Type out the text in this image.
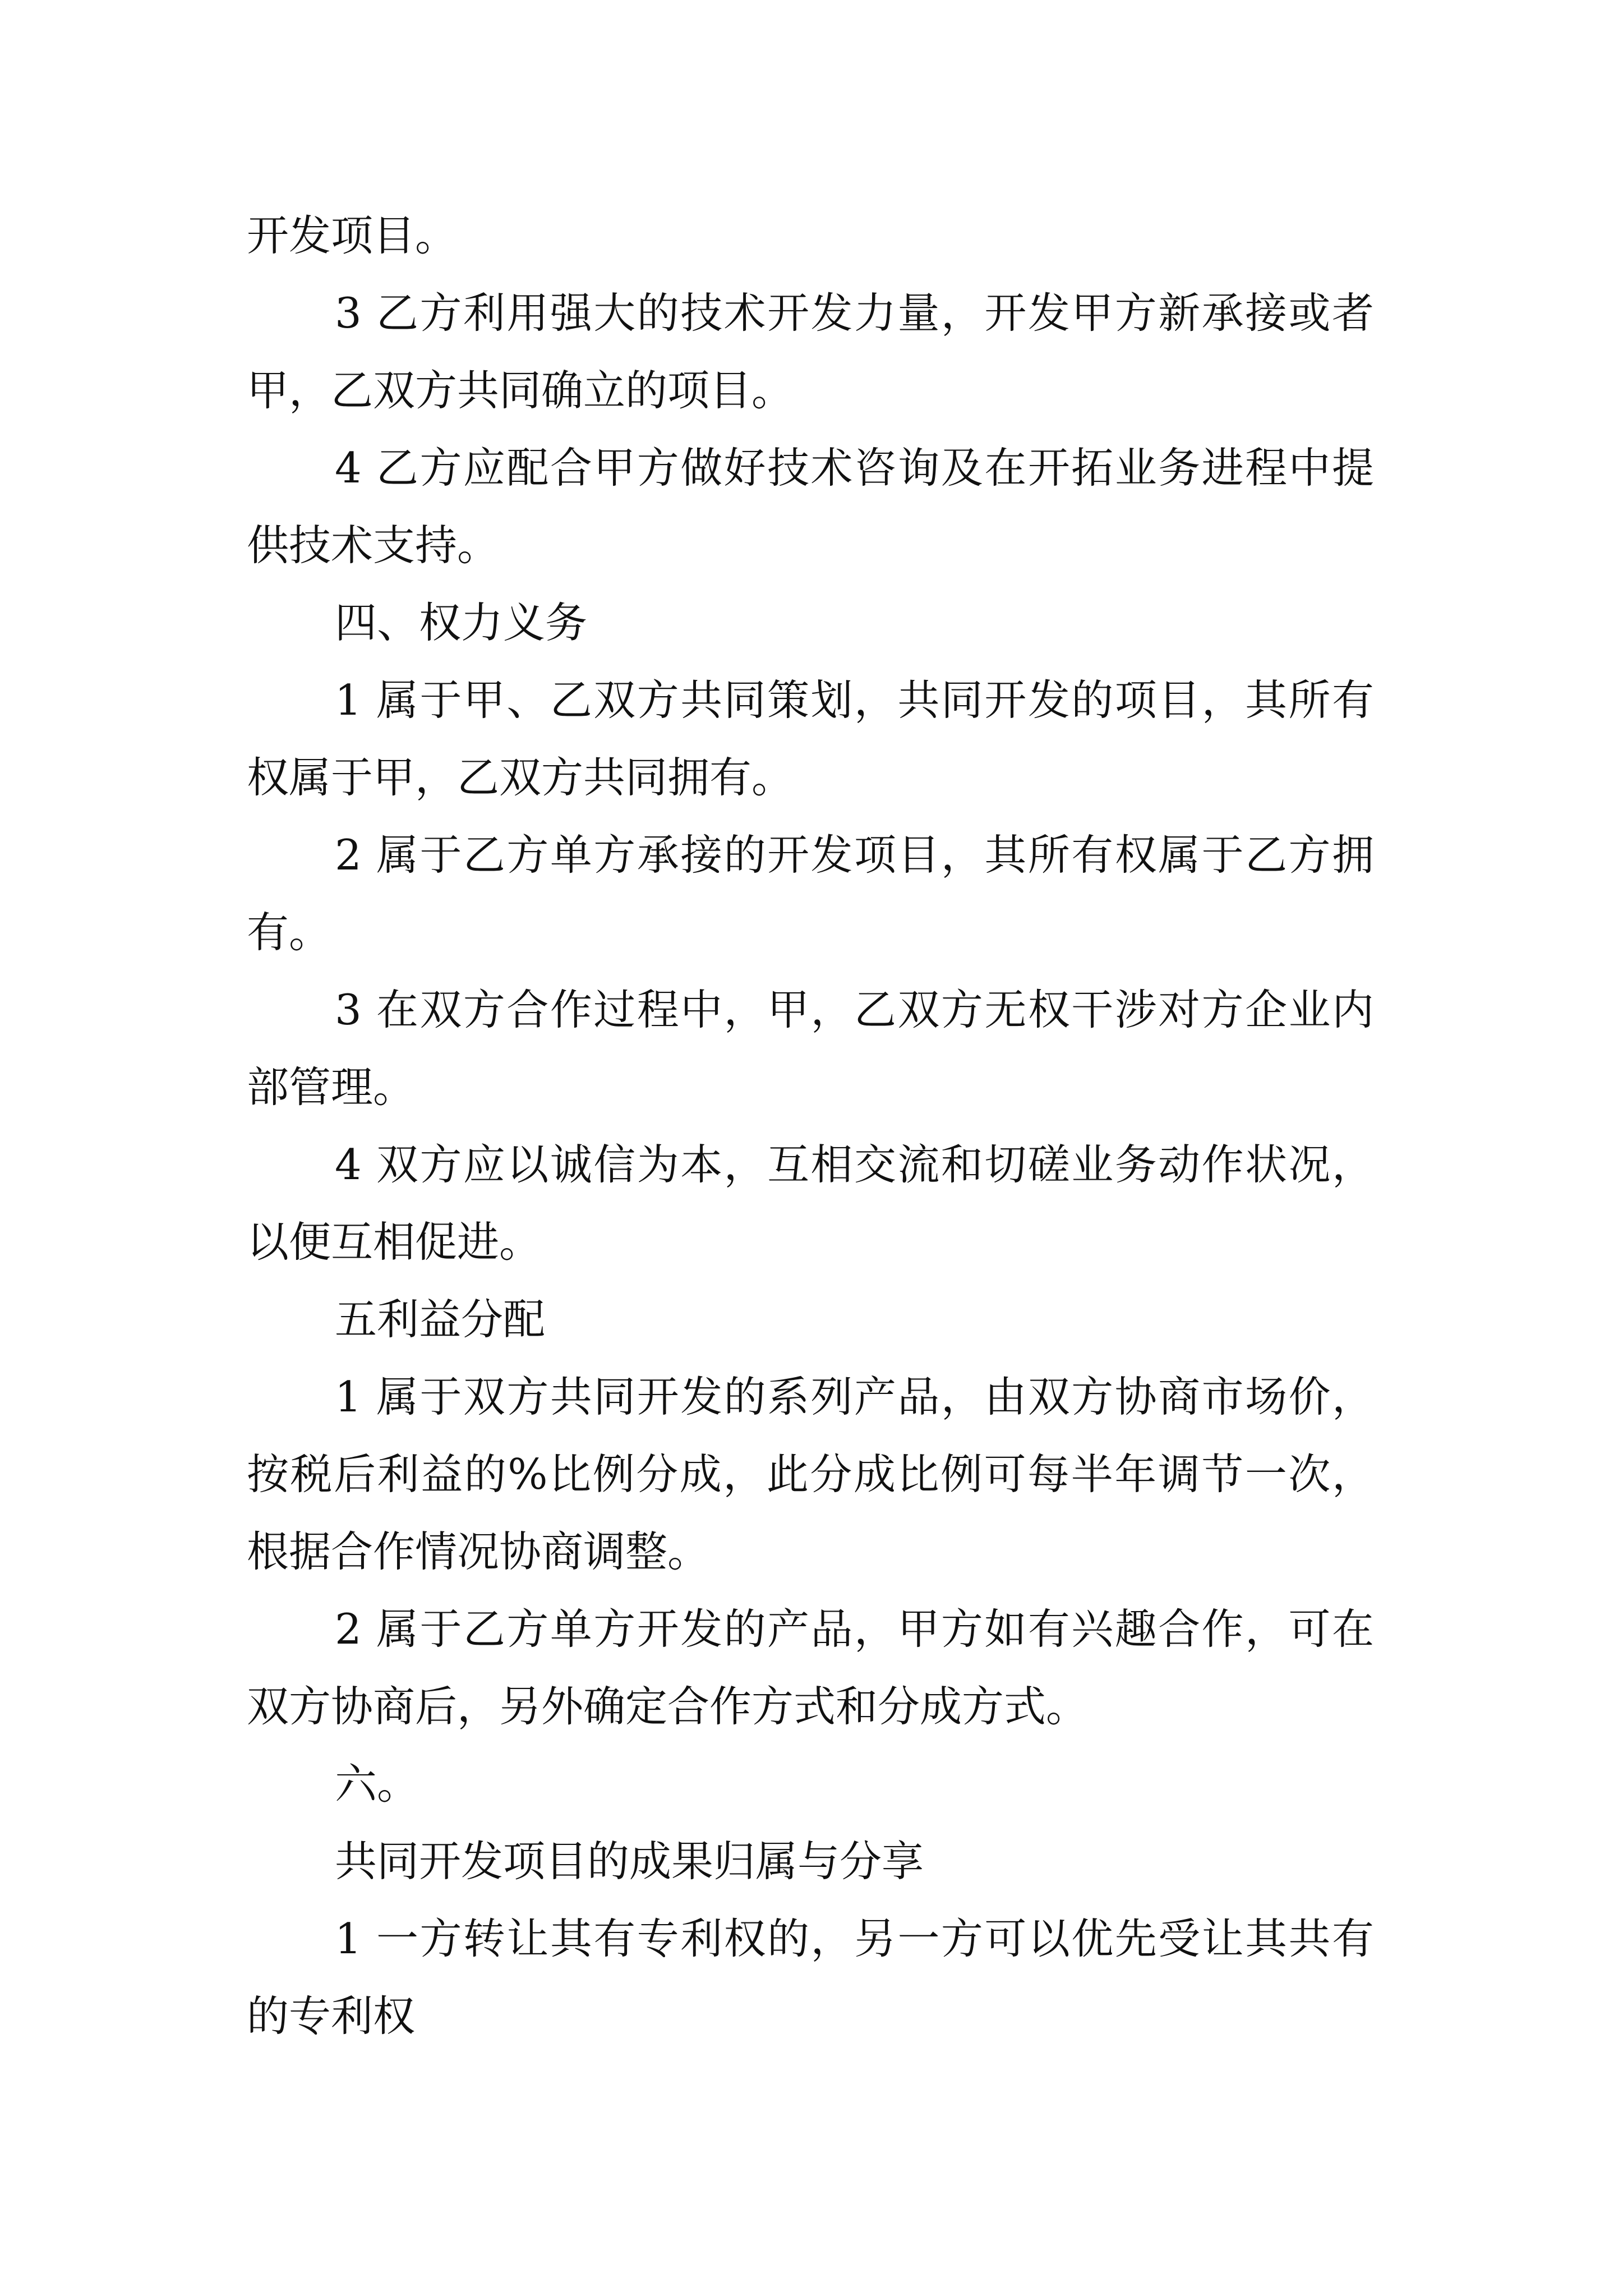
开发项目。
3 乙方利用强大的技术开发力量，开发甲方新承接或者
甲，乙双方共同确立的项目。
4 乙方应配合甲方做好技术咨询及在开拓业务进程中提
供技术支持。
四、权力义务
1 属于甲、乙双方共同策划，共同开发的项目，其所有
权属于甲，乙双方共同拥有。
2 属于乙方单方承接的开发项目，其所有权属于乙方拥
有。
3 在双方合作过程中，甲，乙双方无权干涉对方企业内
部管理。
4 双方应以诚信为本，互相交流和切磋业务动作状况，
以便互相促进。
五利益分配
1 属于双方共同开发的系列产品，由双方协商市场价，
按税后利益的%比例分成，此分成比例可每半年调节一次，
根据合作情况协商调整。
2 属于乙方单方开发的产品，甲方如有兴趣合作，可在
双方协商后，另外确定合作方式和分成方式。
六。
共同开发项目的成果归属与分享
1 一方转让其有专利权的，另一方可以优先受让其共有
的专利权
